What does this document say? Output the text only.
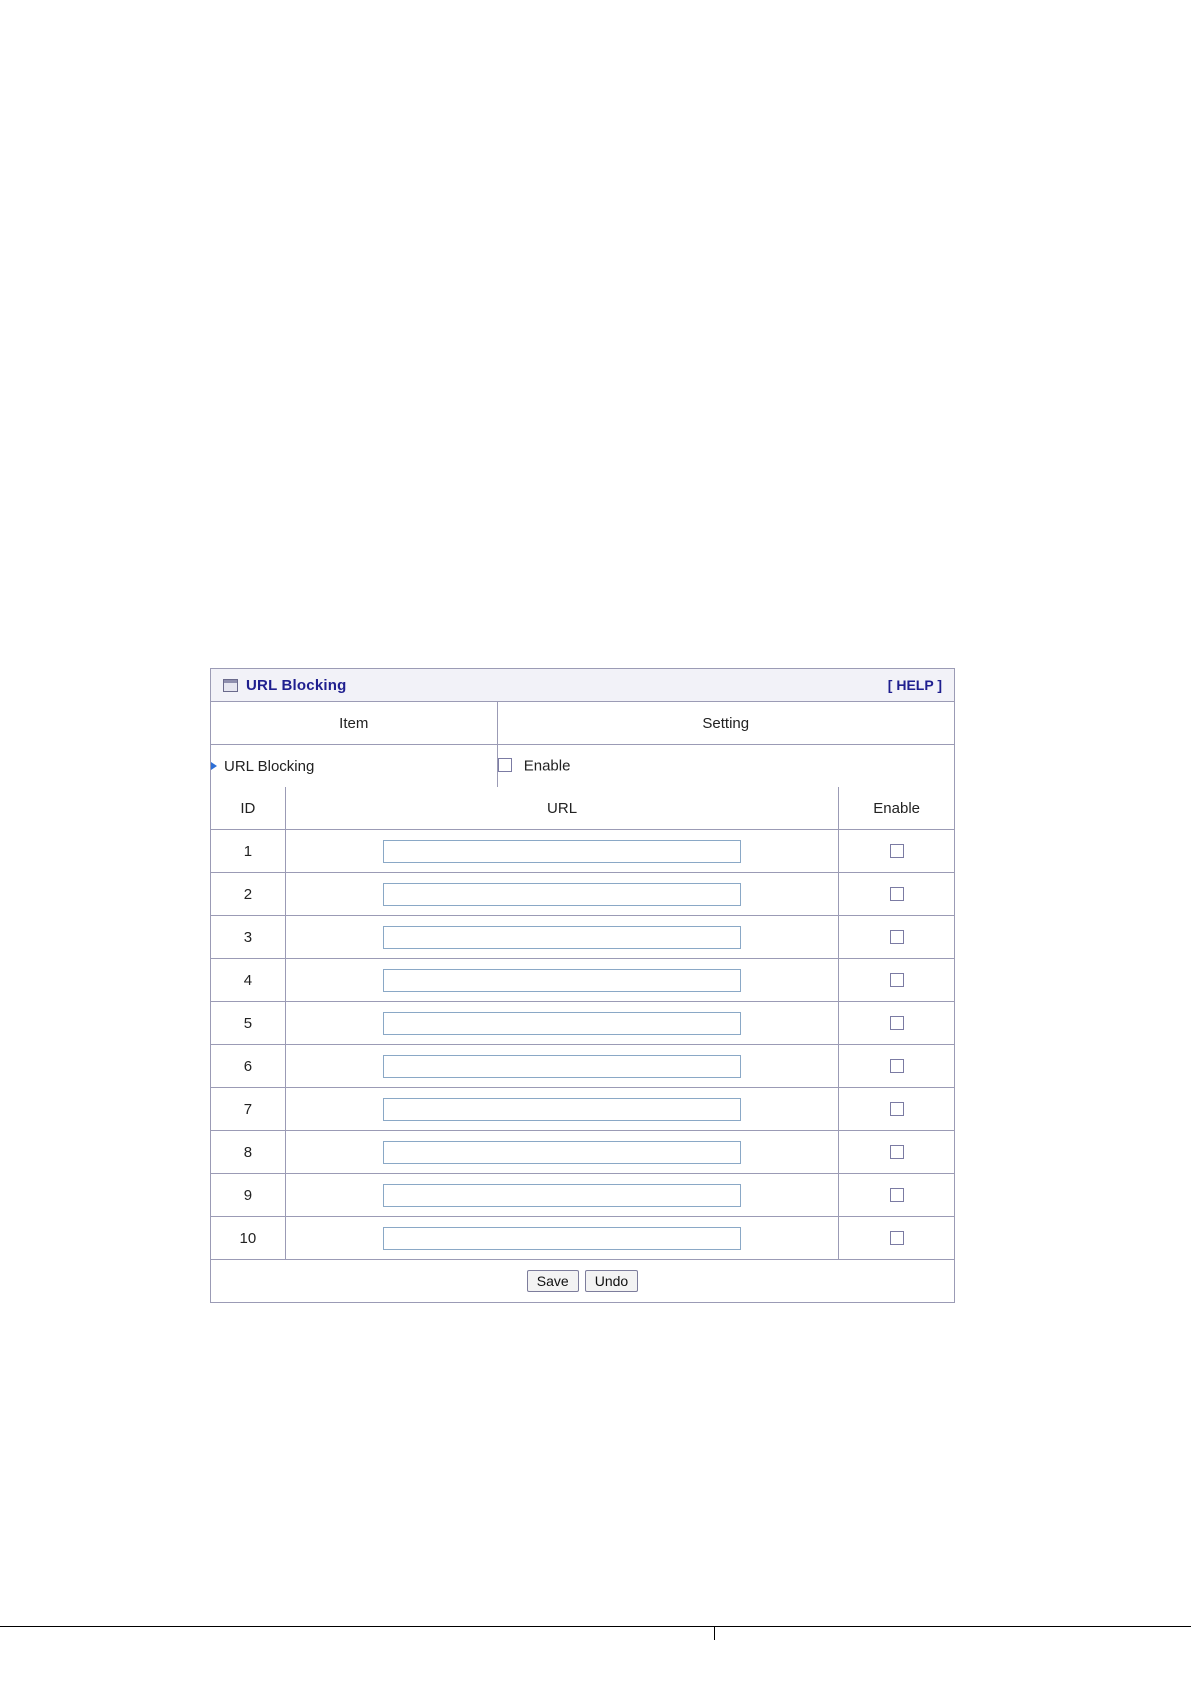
URL Blocking	[ HELP ]
Item	Setting
URL Blocking	Enable
ID	URL	Enable
1		
2		
3		
4		
5		
6		
7		
8		
9		
10		
Save Undo		
